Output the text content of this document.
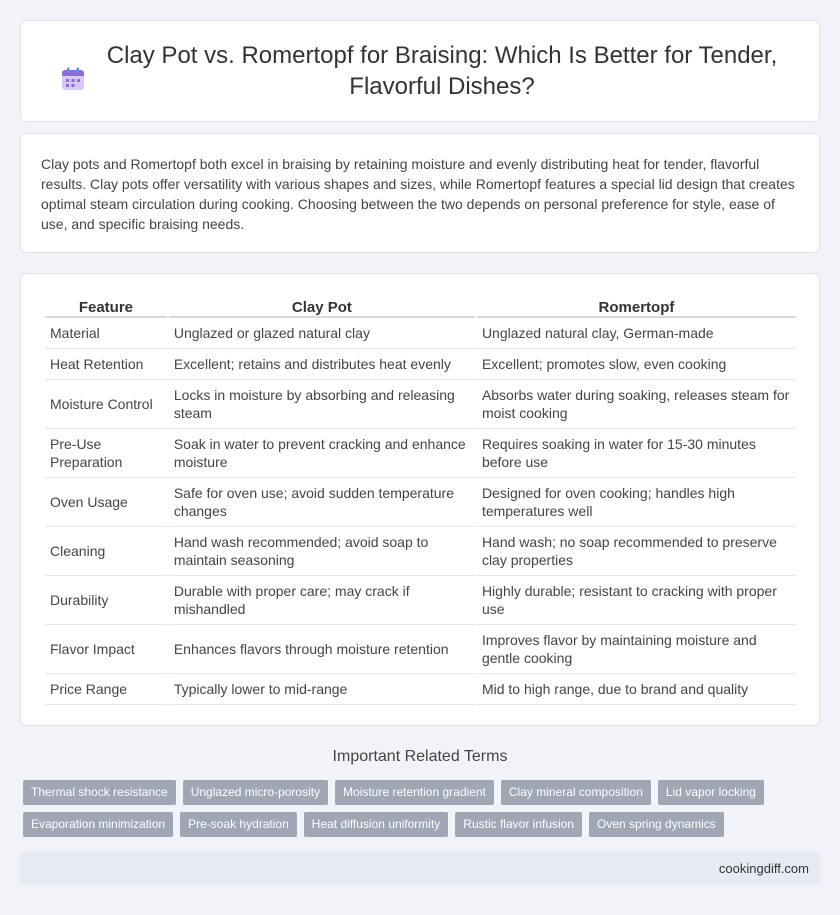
Clay Pot vs. Romertopf for Braising: Which Is Better for Tender, Flavorful Dishes?

Clay pots and Romertopf both excel in braising by retaining moisture and evenly distributing heat for tender, flavorful results. Clay pots offer versatility with various shapes and sizes, while Romertopf features a special lid design that creates optimal steam circulation during cooking. Choosing between the two depends on personal preference for style, ease of use, and specific braising needs.

Feature	Clay Pot	Romertopf
Material	Unglazed or glazed natural clay	Unglazed natural clay, German-made
Heat Retention	Excellent; retains and distributes heat evenly	Excellent; promotes slow, even cooking
Moisture Control	Locks in moisture by absorbing and releasing steam	Absorbs water during soaking, releases steam for moist cooking
Pre-Use Preparation	Soak in water to prevent cracking and enhance moisture	Requires soaking in water for 15-30 minutes before use
Oven Usage	Safe for oven use; avoid sudden temperature changes	Designed for oven cooking; handles high temperatures well
Cleaning	Hand wash recommended; avoid soap to maintain seasoning	Hand wash; no soap recommended to preserve clay properties
Durability	Durable with proper care; may crack if mishandled	Highly durable; resistant to cracking with proper use
Flavor Impact	Enhances flavors through moisture retention	Improves flavor by maintaining moisture and gentle cooking
Price Range	Typically lower to mid-range	Mid to high range, due to brand and quality
Important Related Terms
Thermal shock resistance	Unglazed micro-porosity	Moisture retention gradient	Clay mineral composition	Lid vapor locking
Evaporation minimization	Pre-soak hydration	Heat diffusion uniformity	Rustic flavor infusion	Oven spring dynamics
cookingdiff.com
